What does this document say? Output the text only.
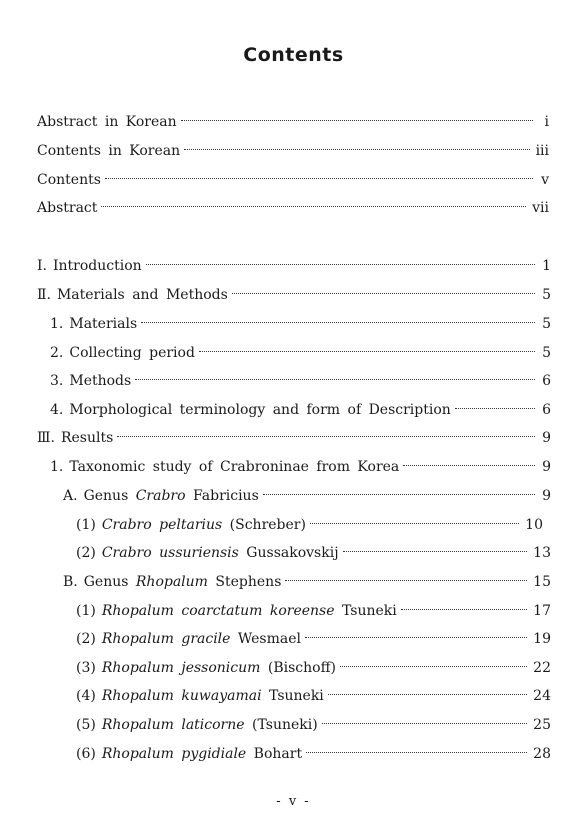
Contents
Abstract in Korean	i
Contents in Korean	iii
Contents	v
Abstract	vii
Ⅰ. Introduction	1
Ⅱ. Materials and Methods	5
1. Materials	5
2. Collecting period	5
3. Methods	6
4. Morphological terminology and form of Description	6
Ⅲ. Results	9
1. Taxonomic study of Crabroninae from Korea	9
A. Genus Crabro Fabricius	9
(1) Crabro peltarius (Schreber)	10
(2) Crabro ussuriensis Gussakovskij	13
B. Genus Rhopalum Stephens	15
(1) Rhopalum coarctatum koreense Tsuneki	17
(2) Rhopalum gracile Wesmael	19
(3) Rhopalum jessonicum (Bischoff)	22
(4) Rhopalum kuwayamai Tsuneki	24
(5) Rhopalum laticorne (Tsuneki)	25
(6) Rhopalum pygidiale Bohart	28
- v -
